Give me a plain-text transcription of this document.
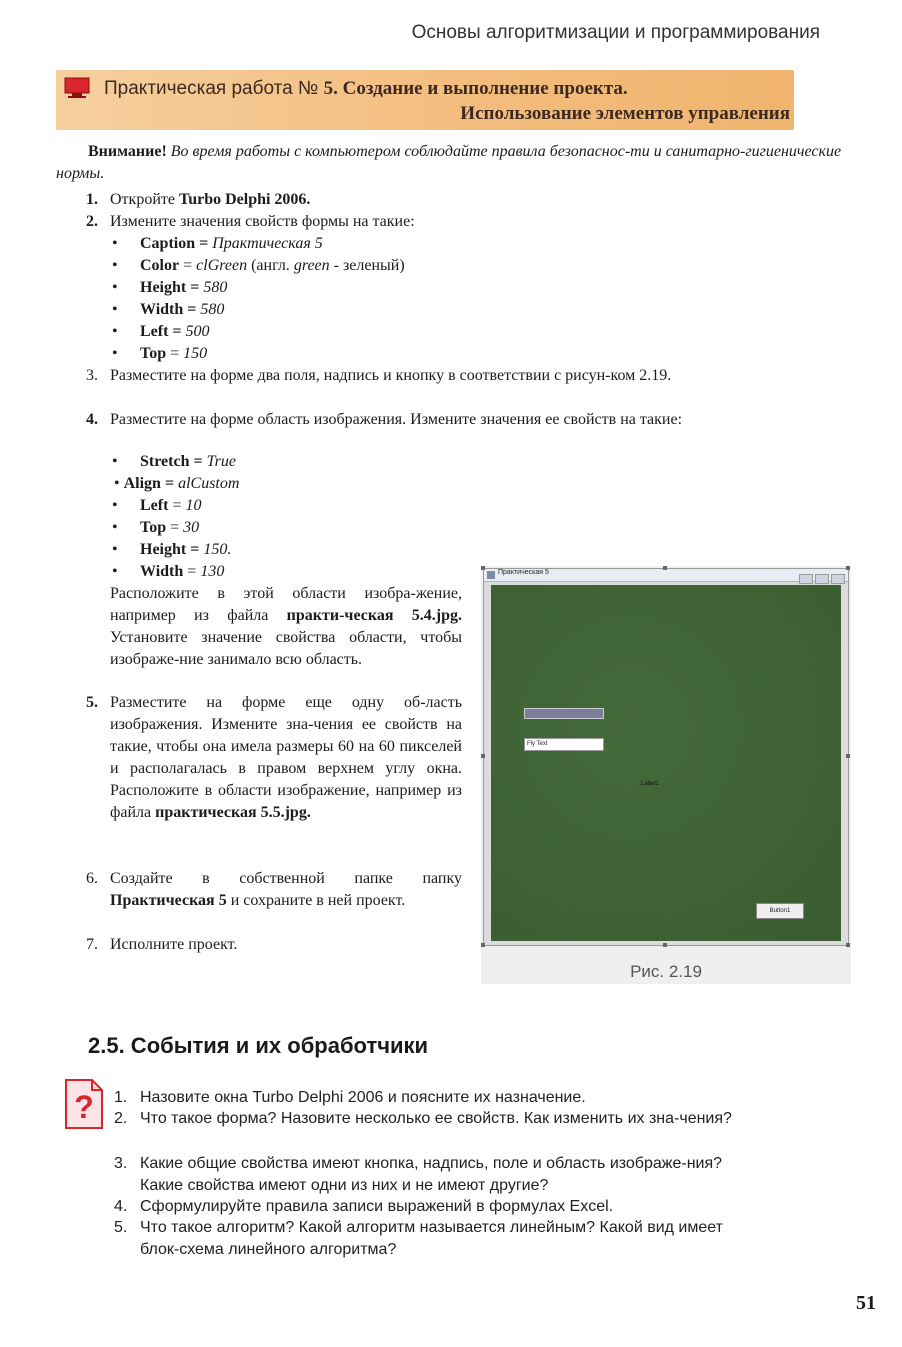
Основы алгоритмизации и программирования
Практическая работа № 5. Создание и выполнение проекта.
Использование элементов управления
Внимание! Во время работы с компьютером соблюдайте правила безопаснос-ти и санитарно-гигиенические нормы.
1. Откройте Turbo Delphi 2006.
2. Измените значения свойств формы на такие:
• Caption = Практическая 5
• Color = clGreen (англ. green - зеленый)
• Height = 580
• Width = 580
• Left = 500
• Top = 150
3. Разместите на форме два поля, надпись и кнопку в соответствии с рисун-ком 2.19.
4. Разместите на форме область изображения. Измените значения ее свойств на такие:
• Stretch = True
• Align = alCustom
• Left = 10
• Top = 30
• Height = 150.
• Width = 130
Расположите в этой области изобра-жение, например из файла практи-ческая 5.4.jpg. Установите значение свойства области, чтобы изображе-ние занимало всю область.
5. Разместите на форме еще одну об-ласть изображения. Измените зна-чения ее свойств на такие, чтобы она имела размеры 60 на 60 пикселей и располагалась в правом верхнем углу окна. Расположите в области изображение, например из файла практическая 5.5.jpg.
6. Создайте в собственной папке папку Практическая 5 и сохраните в ней проект.
7. Исполните проект.
Практическая 5
Fly Text
Label1
Button1
Рис. 2.19
2.5. События и их обработчики
? 1. Назовите окна Turbo Delphi 2006 и поясните их назначение.
2. Что такое форма? Назовите несколько ее свойств. Как изменить их зна-чения?
3. Какие общие свойства имеют кнопка, надпись, поле и область изображе-ния? Какие свойства имеют одни из них и не имеют другие?
4. Сформулируйте правила записи выражений в формулах Excel.
5. Что такое алгоритм? Какой алгоритм называется линейным? Какой вид имеет блок-схема линейного алгоритма?
51
